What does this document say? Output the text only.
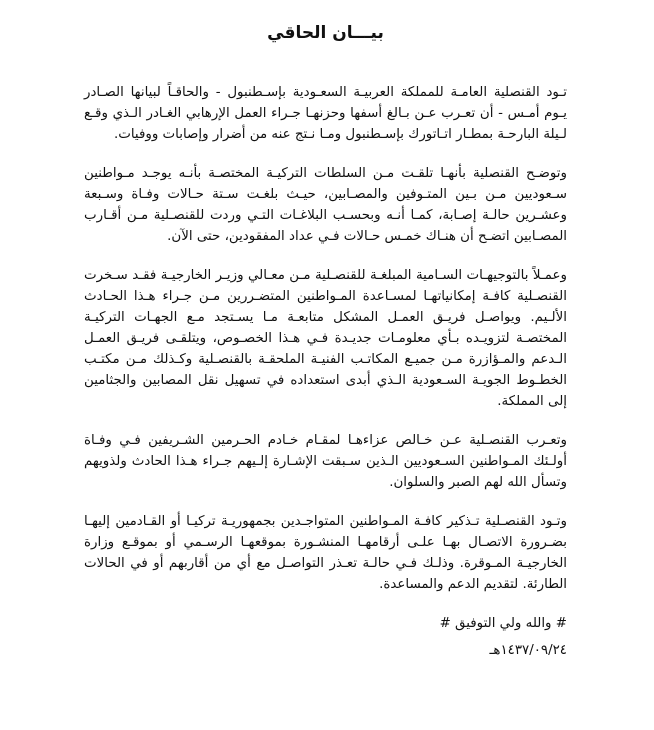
بيـــان الحاقي

تـود القنصلية العامـة للمملكة العربيـة السعـودية بإسـطنبول - والحاقـاً لبيانها الصـادر يـوم أمـس - أن تعـرب عـن بـالغ أسفها وحزنهـا جـراء العمل الإرهابي الغـادر الـذي وقـع لـيلة البارحـة بمطـار اتـاتورك بإسـطنبول ومـا نـتج عنه من أضرار وإصابات ووفيات.

وتوضـح القنصلية بأنهـا تلقـت مـن السلطات التركيـة المختصـة بأنـه يوجـد مـواطنين سـعوديين مـن بـين المتـوفين والمصـابين، حيـث بلغـت سـتة حـالات وفـاة وسـبعة وعشـرين حالـة إصـابة، كمـا أنـه وبحسـب البلاغـات التـي وردت للقنصـلية مـن أقـارب المصـابين اتضـح أن هنـاك خمـس حـالات فـي عداد المفقودين، حتى الآن.

وعمـلاً بالتوجيهـات السـامية المبلغـة للقنصـلية مـن معـالي وزيـر الخارجيـة فقـد سـخرت القنصـلية كافـة إمكانياتهـا لمسـاعدة المـواطنين المتضـررين مـن جـراء هـذا الحـادث الألـيم. ويواصـل فريـق العمـل المشكل متابعـة مـا يسـتجد مـع الجهـات التركيـة المختصـة لتزويـده بـأي معلومـات جديـدة فـي هـذا الخصـوص، ويتلقـى فريـق العمـل الـدعم والمـؤازرة مـن جميـع المكاتـب الفنيـة الملحقـة بالقنصـلية وكـذلك مـن مكتـب الخطـوط الجويـة السـعودية الـذي أبدى استعداده في تسهيل نقل المصابين والجثامين إلى المملكة.

وتعـرب القنصـلية عـن خـالص عزاءهـا لمقـام خـادم الحـرمين الشـريفين فـي وفـاة أولـئك المـواطنين السـعوديين الـذين سـبقت الإشـارة إلـيهم جـراء هـذا الحادث ولذويهم وتسأل الله لهم الصبر والسلوان.

وتـود القنصـلية تـذكير كافـة المـواطنين المتواجـدين بجمهوريـة تركيـا أو القـادمين إليهـا بضـرورة الاتصـال بهـا علـى أرقامهـا المنشـورة بموقعهـا الرسـمي أو بموقـع وزارة الخارجيـة المـوقرة. وذلـك فـي حالـة تعـذر التواصـل مع أي من أقاربهم أو في الحالات الطارئة. لتقديم الدعم والمساعدة.

# والله ولي التوفيق #
١٤٣٧/٠٩/٢٤هـ
